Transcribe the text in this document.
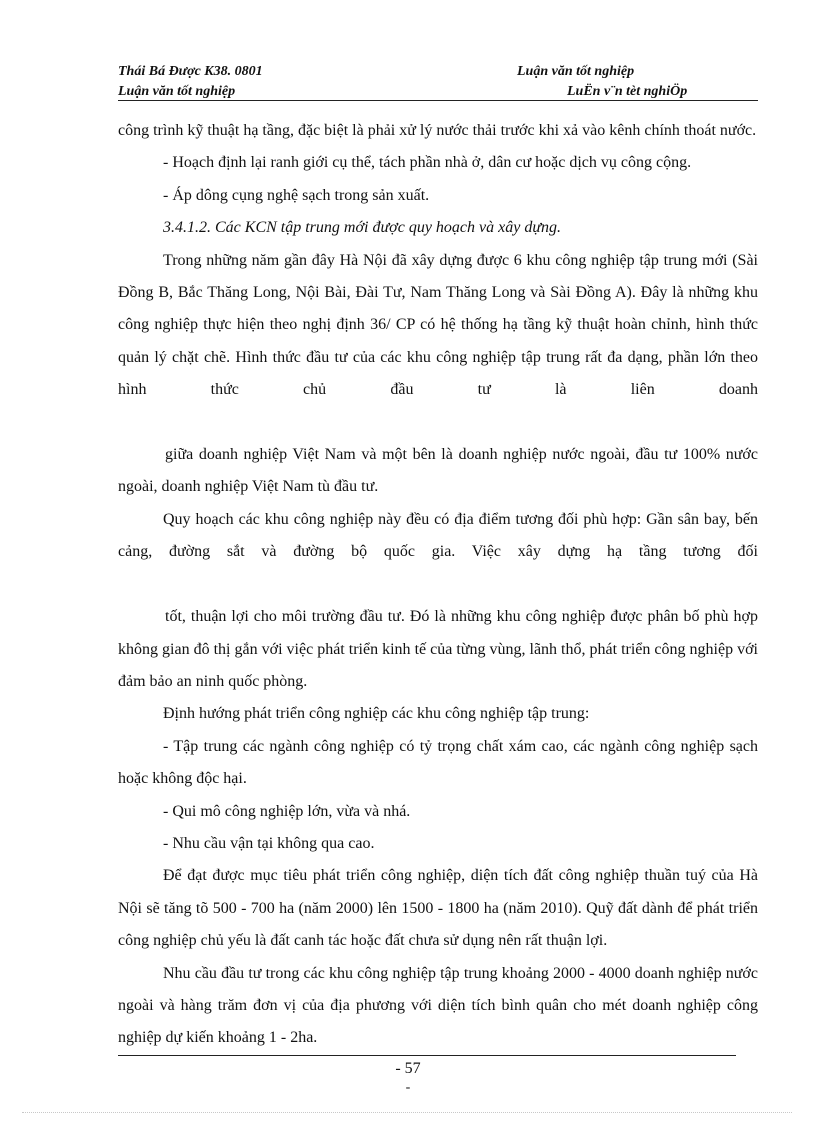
Thái Bá Được K38. 0801	Luận văn tốt nghiệp
Luận văn tốt nghiệp	LuËn v¨n tèt nghiÖp

công trình kỹ thuật hạ tầng, đặc biệt là phải xử lý nước thải trước khi xả vào kênh chính thoát nước.

- Hoạch định lại ranh giới cụ thể, tách phần nhà ở, dân cư hoặc dịch vụ công cộng.

- Áp dông cụng nghệ sạch trong sản xuất.

3.4.1.2. Các KCN tập trung mới được quy hoạch và xây dựng.

Trong những năm gần đây Hà Nội đã xây dựng được 6 khu công nghiệp tập trung mới (Sài Đồng B, Bắc Thăng Long, Nội Bài, Đài Tư, Nam Thăng Long và Sài Đồng A). Đây là những khu công nghiệp thực hiện theo nghị định 36/ CP có hệ thống hạ tầng kỹ thuật hoàn chỉnh, hình thức quản lý chặt chẽ. Hình thức đầu tư của các khu công nghiệp tập trung rất đa dạng, phần lớn theo hình thức chủ đầu tư là liên doanh

giữa doanh nghiệp Việt Nam và một bên là doanh nghiệp nước ngoài, đầu tư 100% nước ngoài, doanh nghiệp Việt Nam tù đầu tư.

Quy hoạch các khu công nghiệp này đều có địa điểm tương đối phù hợp: Gần sân bay, bến cảng, đường sắt và đường bộ quốc gia. Việc xây dựng hạ tầng tương đối

tốt, thuận lợi cho môi trường đầu tư. Đó là những khu công nghiệp được phân bố phù hợp không gian đô thị gắn với việc phát triển kinh tế của từng vùng, lãnh thổ, phát triển công nghiệp với đảm bảo an ninh quốc phòng.

Định hướng phát triển công nghiệp các khu công nghiệp tập trung:

- Tập trung các ngành công nghiệp có tỷ trọng chất xám cao, các ngành công nghiệp sạch hoặc không độc hại.

- Qui mô công nghiệp lớn, vừa và nhá.

- Nhu cầu vận tại không qua cao.

Để đạt được mục tiêu phát triển công nghiệp, diện tích đất công nghiệp thuần tuý của Hà Nội sẽ tăng tõ 500 - 700 ha (năm 2000) lên 1500 - 1800 ha (năm 2010). Quỹ đất dành để phát triển công nghiệp chủ yếu là đất canh tác hoặc đất chưa sử dụng nên rất thuận lợi.

Nhu cầu đầu tư trong các khu công nghiệp tập trung khoảng 2000 - 4000 doanh nghiệp nước ngoài và hàng trăm đơn vị của địa phương với diện tích bình quân cho mét doanh nghiệp công nghiệp dự kiến khoảng 1 - 2ha.

- 57
-
